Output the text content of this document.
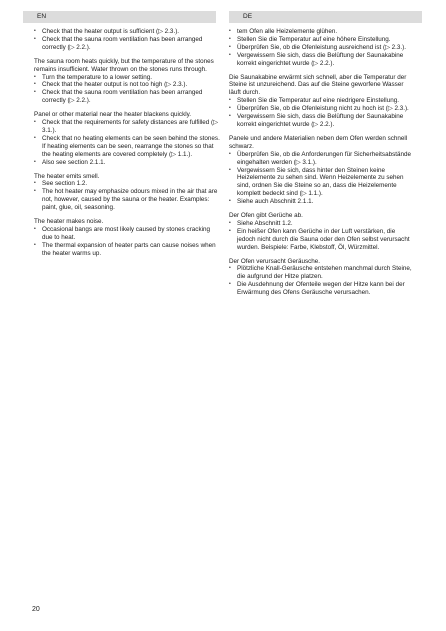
EN	DE
• Check that the heater output is sufficient (▷ 2.3.).
• Check that the sauna room ventilation has been arranged correctly (▷ 2.2.).

The sauna room heats quickly, but the temperature of the stones remains insufficient. Water thrown on the stones runs through.

• Turn the temperature to a lower setting.
• Check that the heater output is not too high (▷ 2.3.).
• Check that the sauna room ventilation has been arranged correctly (▷ 2.2.).

Panel or other material near the heater blackens quickly.

• Check that the requirements for safety distances are fulfilled (▷ 3.1.).
• Check that no heating elements can be seen behind the stones. If heating elements can be seen, rearrange the stones so that the heating elements are covered completely (▷ 1.1.).
• Also see section 2.1.1.

The heater emits smell.

• See section 1.2.
• The hot heater may emphasize odours mixed in the air that are not, however, caused by the sauna or the heater. Examples: paint, glue, oil, seasoning.

The heater makes noise.

• Occasional bangs are most likely caused by stones cracking due to heat.
• The thermal expansion of heater parts can cause noises when the heater warms up.
• tem Ofen alle Heizelemente glühen.
• Stellen Sie die Temperatur auf eine höhere Einstellung.
• Überprüfen Sie, ob die Ofenleistung ausreichend ist (▷ 2.3.).
• Vergewissern Sie sich, dass die Belüftung der Saunakabine korrekt eingerichtet wurde (▷ 2.2.).

Die Saunakabine erwärmt sich schnell, aber die Temperatur der Steine ist unzureichend. Das auf die Steine geworfene Wasser läuft durch.

• Stellen Sie die Temperatur auf eine niedrigere Einstellung.
• Überprüfen Sie, ob die Ofenleistung nicht zu hoch ist (▷ 2.3.).
• Vergewissern Sie sich, dass die Belüftung der Saunakabine korrekt eingerichtet wurde (▷ 2.2.).

Panele und andere Materialien neben dem Ofen werden schnell schwarz.

• Überprüfen Sie, ob die Anforderungen für Sicherheitsabstände eingehalten werden (▷ 3.1.).
• Vergewissern Sie sich, dass hinter den Steinen keine Heizelemente zu sehen sind. Wenn Heizelemente zu sehen sind, ordnen Sie die Steine so an, dass die Heizelemente komplett bedeckt sind (▷ 1.1.).
• Siehe auch Abschnitt 2.1.1.

Der Ofen gibt Gerüche ab.

• Siehe Abschnitt 1.2.
• Ein heißer Ofen kann Gerüche in der Luft verstärken, die jedoch nicht durch die Sauna oder den Ofen selbst verursacht wurden. Beispiele: Farbe, Klebstoff, Öl, Würzmittel.

Der Ofen verursacht Geräusche.

• Plötzliche Knall-Geräusche entstehen manchmal durch Steine, die aufgrund der Hitze platzen.
• Die Ausdehnung der Ofenteile wegen der Hitze kann bei der Erwärmung des Ofens Geräusche verursachen.
20
